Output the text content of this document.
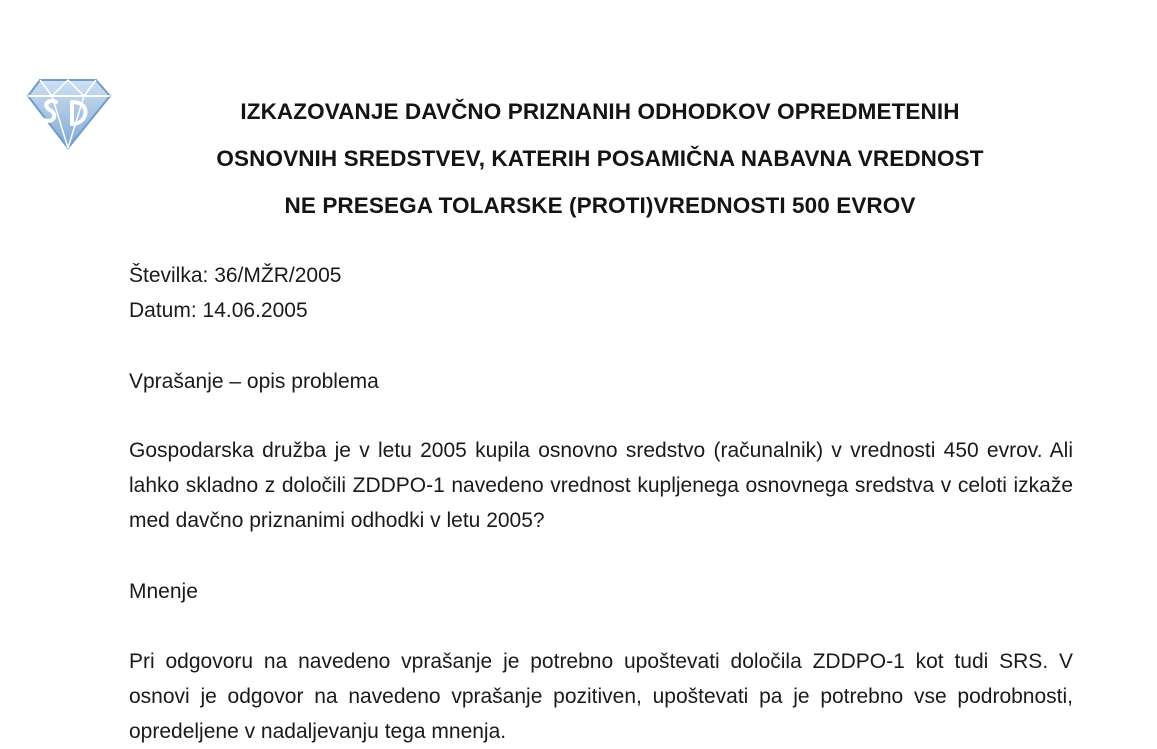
IZKAZOVANJE DAVČNO PRIZNANIH ODHODKOV OPREDMETENIH
OSNOVNIH SREDSTVEV, KATERIH POSAMIČNA NABAVNA VREDNOST
NE PRESEGA TOLARSKE (PROTI)VREDNOSTI 500 EVROV
Številka: 36/MŽR/2005
Datum: 14.06.2005
Vprašanje – opis problema
Gospodarska družba je v letu 2005 kupila osnovno sredstvo (računalnik) v vrednosti 450 evrov. Ali lahko skladno z določili ZDDPO-1 navedeno vrednost kupljenega osnovnega sredstva v celoti izkaže med davčno priznanimi odhodki v letu 2005?
Mnenje
Pri odgovoru na navedeno vprašanje je potrebno upoštevati določila ZDDPO-1 kot tudi SRS. V osnovi je odgovor na navedeno vprašanje pozitiven, upoštevati pa je potrebno vse podrobnosti, opredeljene v nadaljevanju tega mnenja.
